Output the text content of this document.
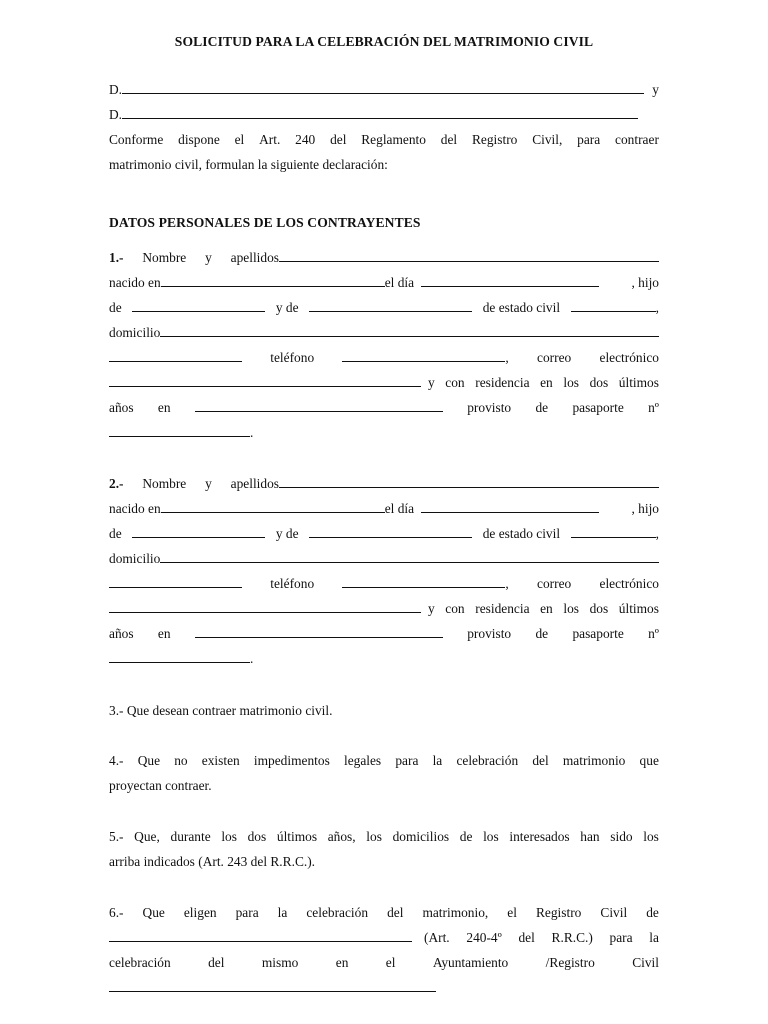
SOLICITUD PARA LA CELEBRACIÓN DEL MATRIMONIO CIVIL
D.	y
D.
Conforme dispone el Art. 240 del Reglamento del Registro Civil, para contraer
matrimonio civil, formulan la siguiente declaración:
DATOS PERSONALES DE LOS CONTRAYENTES
1.- Nombre y apellidos
nacido en	el día	, hijo
de	y de	de estado civil	,
domicilio
teléfono	, correo electrónico
y con residencia en los dos últimos
años en	provisto de pasaporte nº
.
2.- Nombre y apellidos
nacido en	el día	, hijo
de	y de	de estado civil	,
domicilio
teléfono	, correo electrónico
y con residencia en los dos últimos
años en	provisto de pasaporte nº
.
3.- Que desean contraer matrimonio civil.
4.- Que no existen impedimentos legales para la celebración del matrimonio que
proyectan contraer.
5.- Que, durante los dos últimos años, los domicilios de los interesados han sido los
arriba indicados (Art. 243 del R.R.C.).
6.- Que eligen para la celebración del matrimonio, el Registro Civil de
(Art. 240-4º del R.R.C.) para la
celebración	del	mismo	en	el	Ayuntamiento	/Registro	Civil
